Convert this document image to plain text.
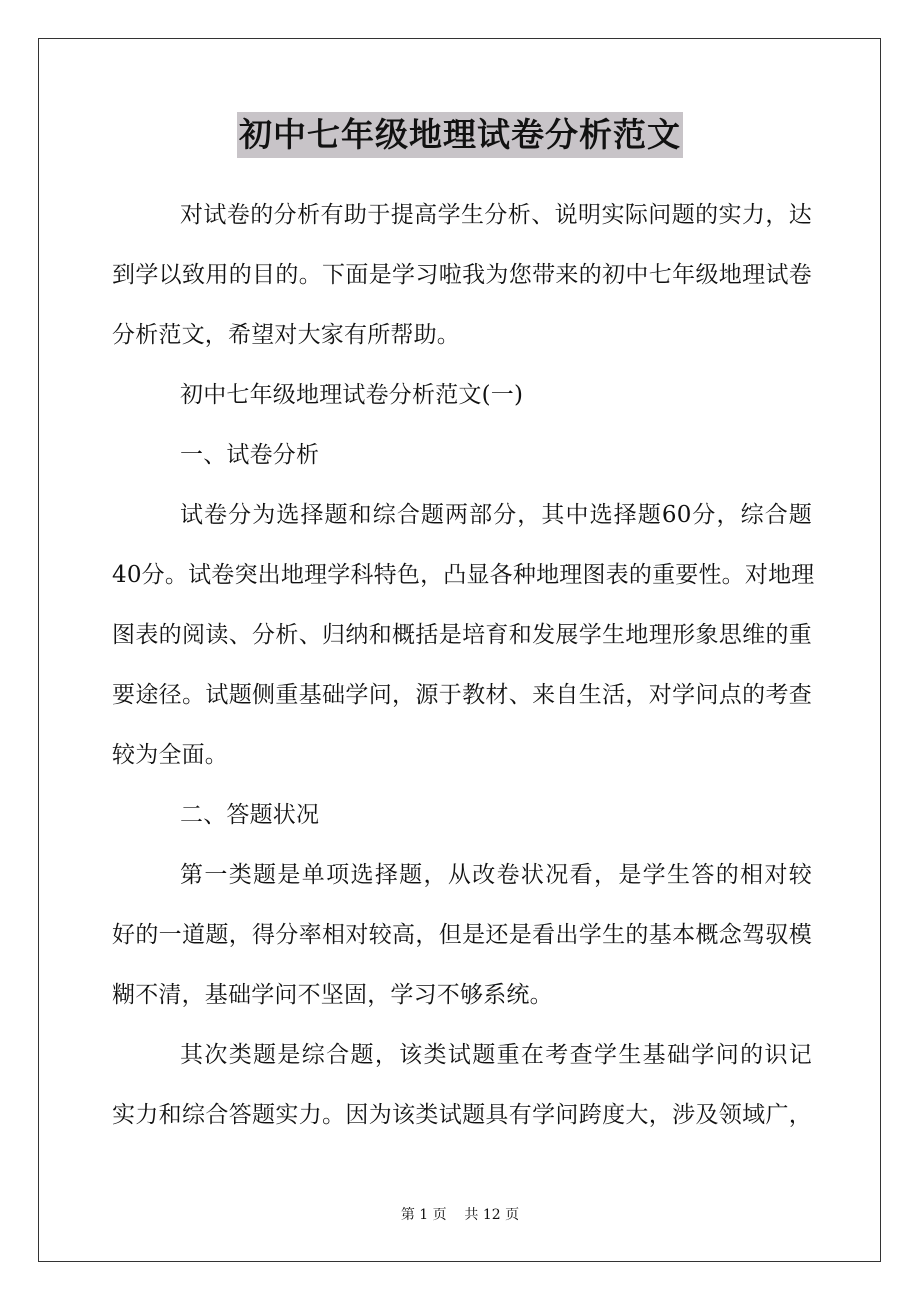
初中七年级地理试卷分析范文
对试卷的分析有助于提高学生分析、说明实际问题的实力，达
到学以致用的目的。下面是学习啦我为您带来的初中七年级地理试卷
分析范文，希望对大家有所帮助。
初中七年级地理试卷分析范文(一)
一、试卷分析
试卷分为选择题和综合题两部分，其中选择题60分，综合题
40分。试卷突出地理学科特色，凸显各种地理图表的重要性。对地理
图表的阅读、分析、归纳和概括是培育和发展学生地理形象思维的重
要途径。试题侧重基础学问，源于教材、来自生活，对学问点的考查
较为全面。
二、答题状况
第一类题是单项选择题，从改卷状况看，是学生答的相对较
好的一道题，得分率相对较高，但是还是看出学生的基本概念驾驭模
糊不清，基础学问不坚固，学习不够系统。
其次类题是综合题，该类试题重在考查学生基础学问的识记
实力和综合答题实力。因为该类试题具有学问跨度大，涉及领域广，
第 1 页    共 12 页
